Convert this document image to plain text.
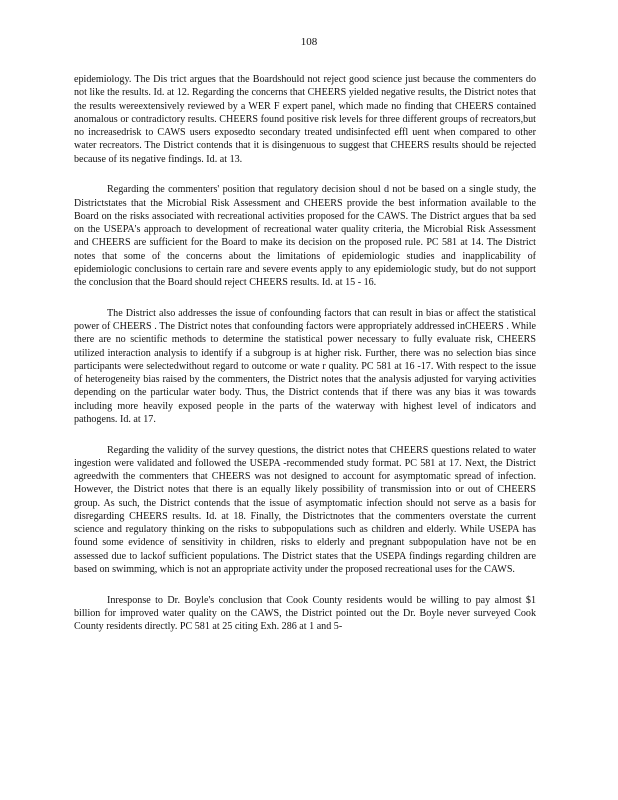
108

epidemiology. The Dis trict argues that the Boardshould not reject good science just because the commenters do not like the results. Id. at 12. Regarding the concerns that CHEERS yielded negative results, the District notes that the results wereextensively reviewed by a WER F expert panel, which made no finding that CHEERS contained anomalous or contradictory results. CHEERS found positive risk levels for three different groups of recreators,but no increasedrisk to CAWS users exposedto secondary treated undisinfected effl uent when compared to other water recreators. The District contends that it is disingenuous to suggest that CHEERS results should be rejected because of its negative findings. Id. at 13.

Regarding the commenters' position that regulatory decision shoul d not be based on a single study, the Districtstates that the Microbial Risk Assessment and CHEERS provide the best information available to the Board on the risks associated with recreational activities proposed for the CAWS. The District argues that ba sed on the USEPA's approach to development of recreational water quality criteria, the Microbial Risk Assessment and CHEERS are sufficient for the Board to make its decision on the proposed rule. PC 581 at 14. The District notes that some of the concerns about the limitations of epidemiologic studies and inapplicability of epidemiologic conclusions to certain rare and severe events apply to any epidemiologic study, but do not support the conclusion that the Board should reject CHEERS results. Id. at 15 - 16.

The District also addresses the issue of confounding factors that can result in bias or affect the statistical power of CHEERS . The District notes that confounding factors were appropriately addressed inCHEERS . While there are no scientific methods to determine the statistical power necessary to fully evaluate risk, CHEERS utilized interaction analysis to identify if a subgroup is at higher risk. Further, there was no selection bias since participants were selectedwithout regard to outcome or wate r quality. PC 581 at 16 -17. With respect to the issue of heterogeneity bias raised by the commenters, the District notes that the analysis adjusted for varying activities depending on the particular water body. Thus, the District contends that if there was any bias it was towards including more heavily exposed people in the parts of the waterway with highest level of indicators and pathogens. Id. at 17.

Regarding the validity of the survey questions, the district notes that CHEERS questions related to water ingestion were validated and followed the USEPA -recommended study format. PC 581 at 17. Next, the District agreedwith the commenters that CHEERS was not designed to account for asymptomatic spread of infection. However, the District notes that there is an equally likely possibility of transmission into or out of CHEERS group. As such, the District contends that the issue of asymptomatic infection should not serve as a basis for disregarding CHEERS results. Id. at 18. Finally, the Districtnotes that the commenters overstate the current science and regulatory thinking on the risks to subpopulations such as children and elderly. While USEPA has found some evidence of sensitivity in children, risks to elderly and pregnant subpopulation have not be en assessed due to lackof sufficient populations. The District states that the USEPA findings regarding children are based on swimming, which is not an appropriate activity under the proposed recreational uses for the CAWS.

Inresponse to Dr. Boyle's conclusion that Cook County residents would be willing to pay almost $1 billion for improved water quality on the CAWS, the District pointed out the Dr. Boyle never surveyed Cook County residents directly. PC 581 at 25 citing Exh. 286 at 1 and 5-
